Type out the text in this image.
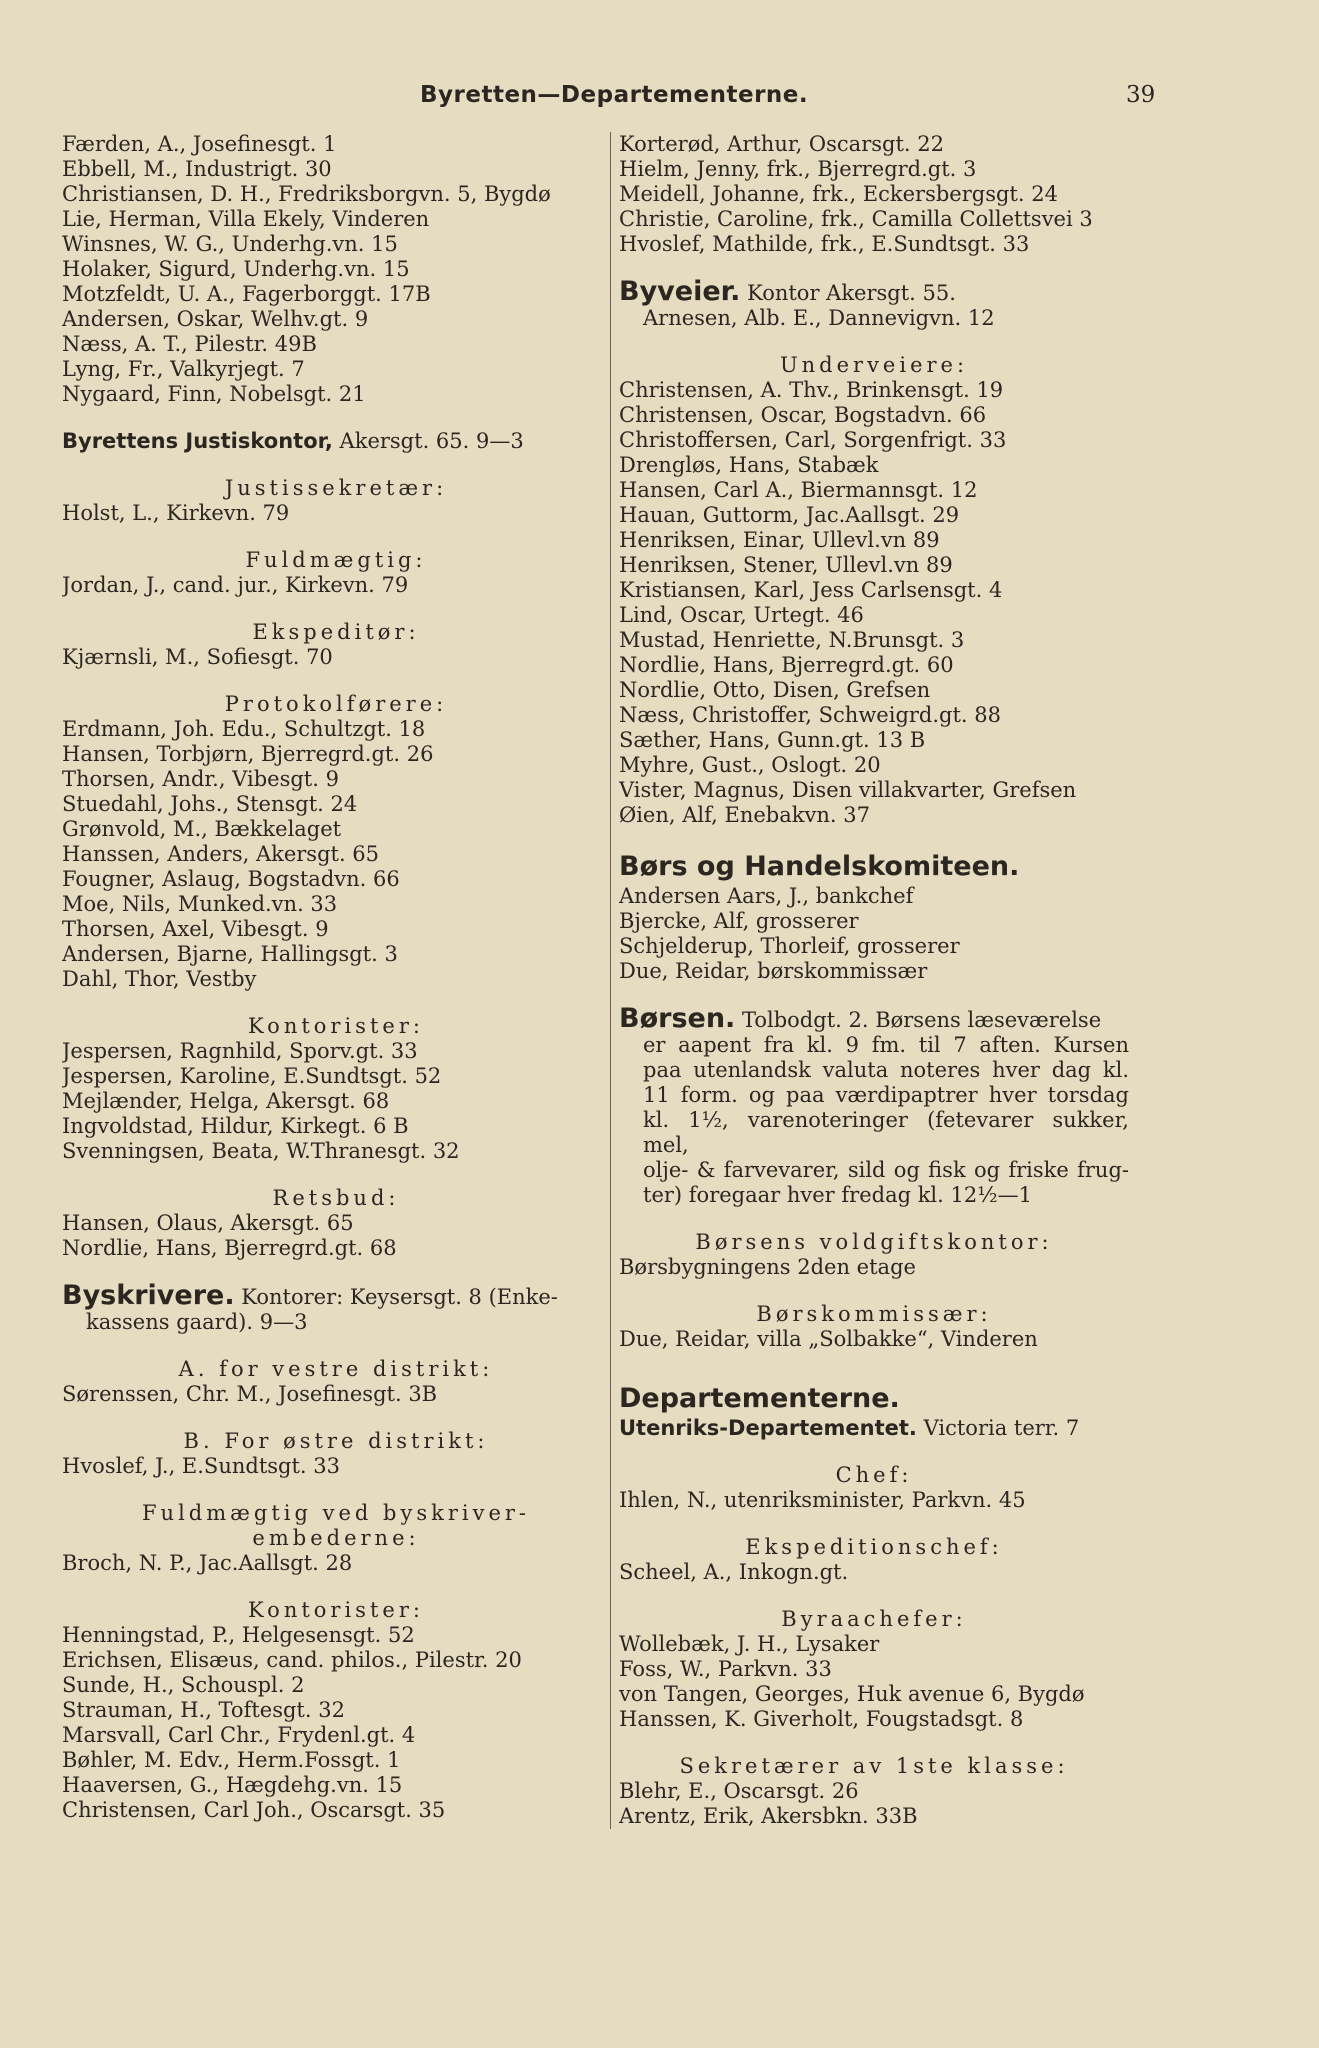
Byretten—Departementerne.	39
Færden, A., Josefinesgt. 1
Ebbell, M., Industrigt. 30
Christiansen, D. H., Fredriksborgvn. 5, Bygdø
Lie, Herman, Villa Ekely, Vinderen
Winsnes, W. G., Underhg.vn. 15
Holaker, Sigurd, Underhg.vn. 15
Motzfeldt, U. A., Fagerborggt. 17B
Andersen, Oskar, Welhv.gt. 9
Næss, A. T., Pilestr. 49B
Lyng, Fr., Valkyrjegt. 7
Nygaard, Finn, Nobelsgt. 21
Byrettens Justiskontor, Akersgt. 65. 9—3
Justissekretær:
Holst, L., Kirkevn. 79
Fuldmægtig:
Jordan, J., cand. jur., Kirkevn. 79
Ekspeditør:
Kjærnsli, M., Sofiesgt. 70
Protokolførere:
Erdmann, Joh. Edu., Schultzgt. 18
Hansen, Torbjørn, Bjerregrd.gt. 26
Thorsen, Andr., Vibesgt. 9
Stuedahl, Johs., Stensgt. 24
Grønvold, M., Bækkelaget
Hanssen, Anders, Akersgt. 65
Fougner, Aslaug, Bogstadvn. 66
Moe, Nils, Munked.vn. 33
Thorsen, Axel, Vibesgt. 9
Andersen, Bjarne, Hallingsgt. 3
Dahl, Thor, Vestby
Kontorister:
Jespersen, Ragnhild, Sporv.gt. 33
Jespersen, Karoline, E.Sundtsgt. 52
Mejlænder, Helga, Akersgt. 68
Ingvoldstad, Hildur, Kirkegt. 6 B
Svenningsen, Beata, W.Thranesgt. 32
Retsbud:
Hansen, Olaus, Akersgt. 65
Nordlie, Hans, Bjerregrd.gt. 68
Byskrivere. Kontorer: Keysersgt. 8 (Enke-
kassens gaard). 9—3
A. for vestre distrikt:
Sørenssen, Chr. M., Josefinesgt. 3B
B. For østre distrikt:
Hvoslef, J., E.Sundtsgt. 33
Fuldmægtig ved byskriver-
embederne:
Broch, N. P., Jac.Aallsgt. 28
Kontorister:
Henningstad, P., Helgesensgt. 52
Erichsen, Elisæus, cand. philos., Pilestr. 20
Sunde, H., Schouspl. 2
Strauman, H., Toftesgt. 32
Marsvall, Carl Chr., Frydenl.gt. 4
Bøhler, M. Edv., Herm.Fossgt. 1
Haaversen, G., Hægdehg.vn. 15
Christensen, Carl Joh., Oscarsgt. 35
Korterød, Arthur, Oscarsgt. 22
Hielm, Jenny, frk., Bjerregrd.gt. 3
Meidell, Johanne, frk., Eckersbergsgt. 24
Christie, Caroline, frk., Camilla Collettsvei 3
Hvoslef, Mathilde, frk., E.Sundtsgt. 33
Byveier. Kontor Akersgt. 55.
Arnesen, Alb. E., Dannevigvn. 12
Underveiere:
Christensen, A. Thv., Brinkensgt. 19
Christensen, Oscar, Bogstadvn. 66
Christoffersen, Carl, Sorgenfrigt. 33
Drengløs, Hans, Stabæk
Hansen, Carl A., Biermannsgt. 12
Hauan, Guttorm, Jac.Aallsgt. 29
Henriksen, Einar, Ullevl.vn 89
Henriksen, Stener, Ullevl.vn 89
Kristiansen, Karl, Jess Carlsensgt. 4
Lind, Oscar, Urtegt. 46
Mustad, Henriette, N.Brunsgt. 3
Nordlie, Hans, Bjerregrd.gt. 60
Nordlie, Otto, Disen, Grefsen
Næss, Christoffer, Schweigrd.gt. 88
Sæther, Hans, Gunn.gt. 13 B
Myhre, Gust., Oslogt. 20
Vister, Magnus, Disen villakvarter, Grefsen
Øien, Alf, Enebakvn. 37
Børs og Handelskomiteen.
Andersen Aars, J., bankchef
Bjercke, Alf, grosserer
Schjelderup, Thorleif, grosserer
Due, Reidar, børskommissær
Børsen. Tolbodgt. 2. Børsens læseværelse
er aapent fra kl. 9 fm. til 7 aften. Kursen
paa utenlandsk valuta noteres hver dag kl.
11 form. og paa værdipaptrer hver torsdag
kl. 1½, varenoteringer (fetevarer sukker, mel,
olje- & farvevarer, sild og fisk og friske frug-
ter) foregaar hver fredag kl. 12½—1
Børsens voldgiftskontor:
Børsbygningens 2den etage
Børskommissær:
Due, Reidar, villa „Solbakke“, Vinderen
Departementerne.
Utenriks-Departementet. Victoria terr. 7
Chef:
Ihlen, N., utenriksminister, Parkvn. 45
Ekspeditionschef:
Scheel, A., Inkogn.gt.
Byraachefer:
Wollebæk, J. H., Lysaker
Foss, W., Parkvn. 33
von Tangen, Georges, Huk avenue 6, Bygdø
Hanssen, K. Giverholt, Fougstadsgt. 8
Sekretærer av 1ste klasse:
Blehr, E., Oscarsgt. 26
Arentz, Erik, Akersbkn. 33B
